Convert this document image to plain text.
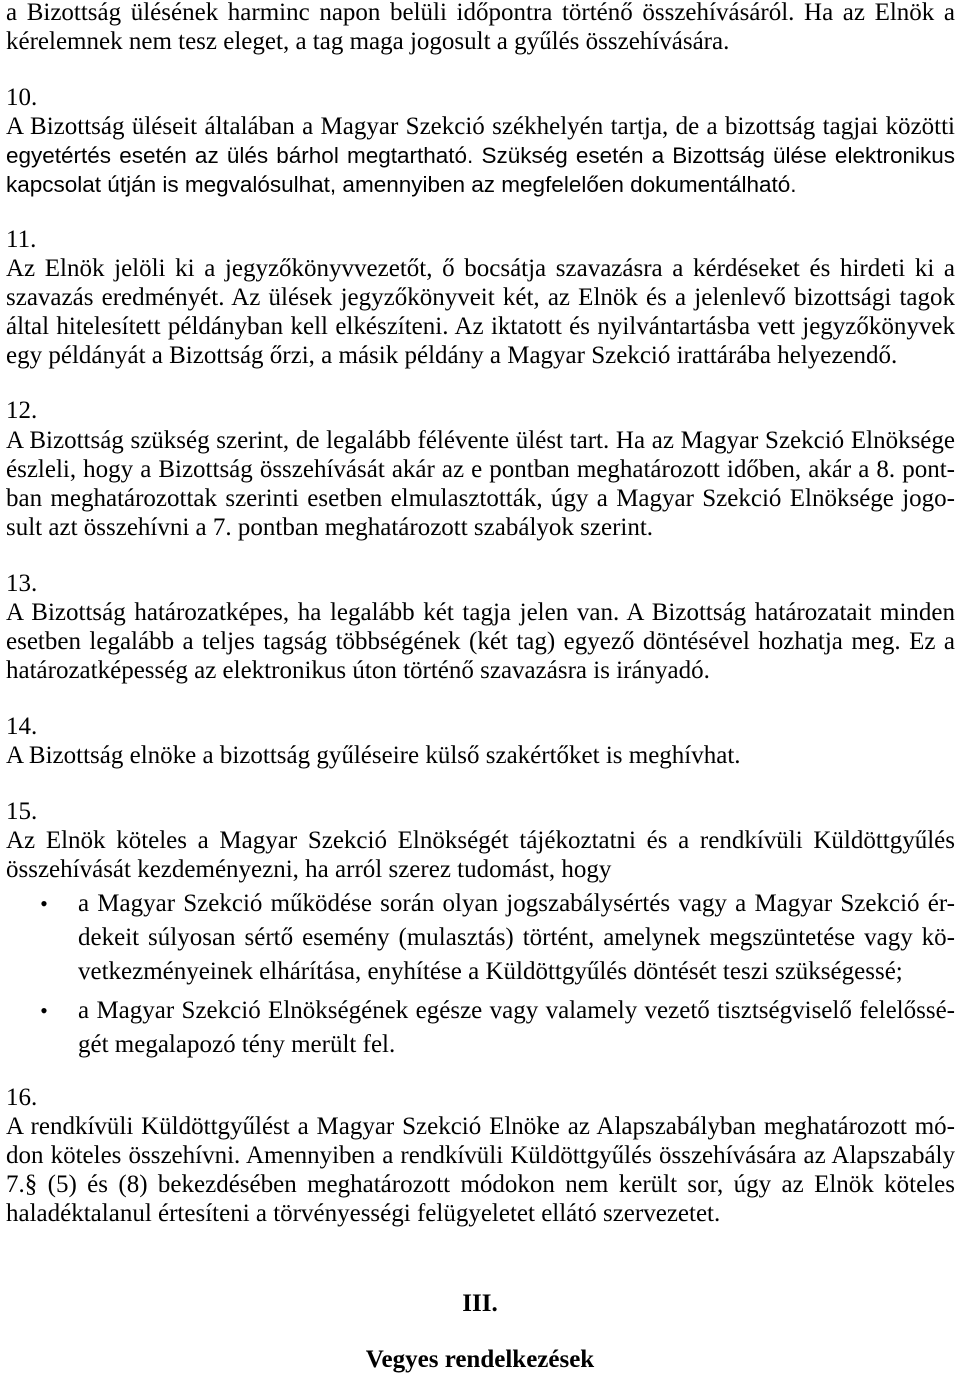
a Bizottság ülésének harminc napon belüli időpontra történő összehívásáról. Ha az Elnök a
kérelemnek nem tesz eleget, a tag maga jogosult a gyűlés összehívására.
10.
A Bizottság üléseit általában a Magyar Szekció székhelyén tartja, de a bizottság tagjai közötti
egyetértés esetén az ülés bárhol megtartható. Szükség esetén a Bizottság ülése elektronikus
kapcsolat útján is megvalósulhat, amennyiben az megfelelően dokumentálható.
11.
Az Elnök jelöli ki a jegyzőkönyvvezetőt, ő bocsátja szavazásra a kérdéseket és hirdeti ki a
szavazás eredményét. Az ülések jegyzőkönyveit két, az Elnök és a jelenlevő bizottsági tagok
által hitelesített példányban kell elkészíteni. Az iktatott és nyilvántartásba vett jegyzőkönyvek
egy példányát a Bizottság őrzi, a másik példány a Magyar Szekció irattárába helyezendő.
12.
A Bizottság szükség szerint, de legalább félévente ülést tart. Ha az Magyar Szekció Elnöksége
észleli, hogy a Bizottság összehívását akár az e pontban meghatározott időben, akár a 8. pont-
ban meghatározottak szerinti esetben elmulasztották, úgy a Magyar Szekció Elnöksége jogo-
sult azt összehívni a 7. pontban meghatározott szabályok szerint.
13.
A Bizottság határozatképes, ha legalább két tagja jelen van. A Bizottság határozatait minden
esetben legalább a teljes tagság többségének (két tag) egyező döntésével hozhatja meg. Ez a
határozatképesség az elektronikus úton történő szavazásra is irányadó.
14.
A Bizottság elnöke a bizottság gyűléseire külső szakértőket is meghívhat.
15.
Az Elnök köteles a Magyar Szekció Elnökségét tájékoztatni és a rendkívüli Küldöttgyűlés
összehívását kezdeményezni, ha arról szerez tudomást, hogy
• a Magyar Szekció működése során olyan jogszabálysértés vagy a Magyar Szekció ér-
dekeit súlyosan sértő esemény (mulasztás) történt, amelynek megszüntetése vagy kö-
vetkezményeinek elhárítása, enyhítése a Küldöttgyűlés döntését teszi szükségessé;
• a Magyar Szekció Elnökségének egésze vagy valamely vezető tisztségviselő felelőssé-
gét megalapozó tény merült fel.
16.
A rendkívüli Küldöttgyűlést a Magyar Szekció Elnöke az Alapszabályban meghatározott mó-
don köteles összehívni. Amennyiben a rendkívüli Küldöttgyűlés összehívására az Alapszabály
7.§ (5) és (8) bekezdésében meghatározott módokon nem került sor, úgy az Elnök köteles
haladéktalanul értesíteni a törvényességi felügyeletet ellátó szervezetet.
III.
Vegyes rendelkezések
